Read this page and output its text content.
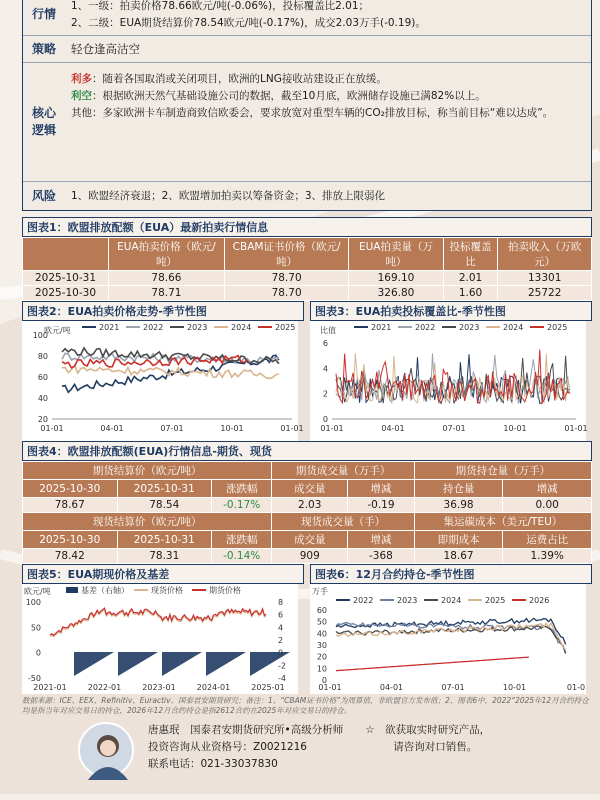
行情
1、一级：拍卖价格78.66欧元/吨(-0.06%)，投标覆盖比2.01；
2、二级：EUA期货结算价78.54欧元/吨(-0.17%)，成交2.03万手(-0.19)。
策略	轻仓逢高沽空
核心逻辑
利多：随着各国取消或关闭项目，欧洲的LNG接收站建设正在放缓。
利空：根据欧洲天然气基础设施公司的数据，截至10月底，欧洲储存设施已满82%以上。
其他：多家欧洲卡车制造商致信欧委会，要求放宽对重型车辆的CO₂排放目标，称当前目标“难以达成”。
风险	1、欧盟经济衰退；2、欧盟增加拍卖以筹备资金；3、排放上限弱化
图表1：欧盟排放配额（EUA）最新拍卖行情信息
	EUA拍卖价格（欧元/吨）	CBAM证书价格（欧元/吨）	EUA拍卖量（万吨）	投标覆盖比	拍卖收入（万欧元）
2025-10-31	78.66	78.70	169.10	2.01	13301
2025-10-30	78.71	78.70	326.80	1.60	25722
图表2：EUA拍卖价格走势-季节性图
欧元/吨	2021	2022	2023	2024	2025
100
80
60
40
20
01-01	04-01	07-01	10-01	01-01
图表3：EUA拍卖投标覆盖比-季节性图
比值	2021	2022	2023	2024	2025
6
4
2
0
01-01	04-01	07-01	10-01	01-01
图表4：欧盟排放配额(EUA)行情信息-期货、现货
期货结算价（欧元/吨）			期货成交量（万手）		期货持仓量（万手）	
2025-10-30	2025-10-31	涨跌幅	成交量	增减	持仓量	增减
78.67	78.54	-0.17%	2.03	-0.19	36.98	0.00
现货结算价（欧元/吨）			现货成交量（手）		集运碳成本（美元/TEU）	
2025-10-30	2025-10-31	涨跌幅	成交量	增减	即期成本	运费占比
78.42	78.31	-0.14%	909	-368	18.67	1.39%
图表5：EUA期现价格及基差
欧元/吨	基差（右轴）	现货价格	期货价格
100
50
0
-50
8
6
4
2
-2
-4
2021-01	2022-01	2023-01	2024-01	2025-01
图表6：12月合约持仓-季节性图
万手
2022	2023	2024	2025	2026
60
50
40
30
20
10
0
01-01	04-01	07-01	10-01	01-0
数据来源：ICE、EEX、Refinitiv、Euractiv、国泰君安期货研究；备注：1、“CBAM证书价格”为周算值，非欧盟官方发布值；2、图表6中，2022“2025年12月合约持仓均是指当年对应交易日的持仓，2026年12月合约持仓是指2612合约在2025年对应交易日的持仓。
唐惠珉　国泰君安期货研究所•高级分析师
投资咨询从业资格号：Z0021216
联系电话：021-33037830
☆　欲获取实时研究产品，
请咨询对口销售。
